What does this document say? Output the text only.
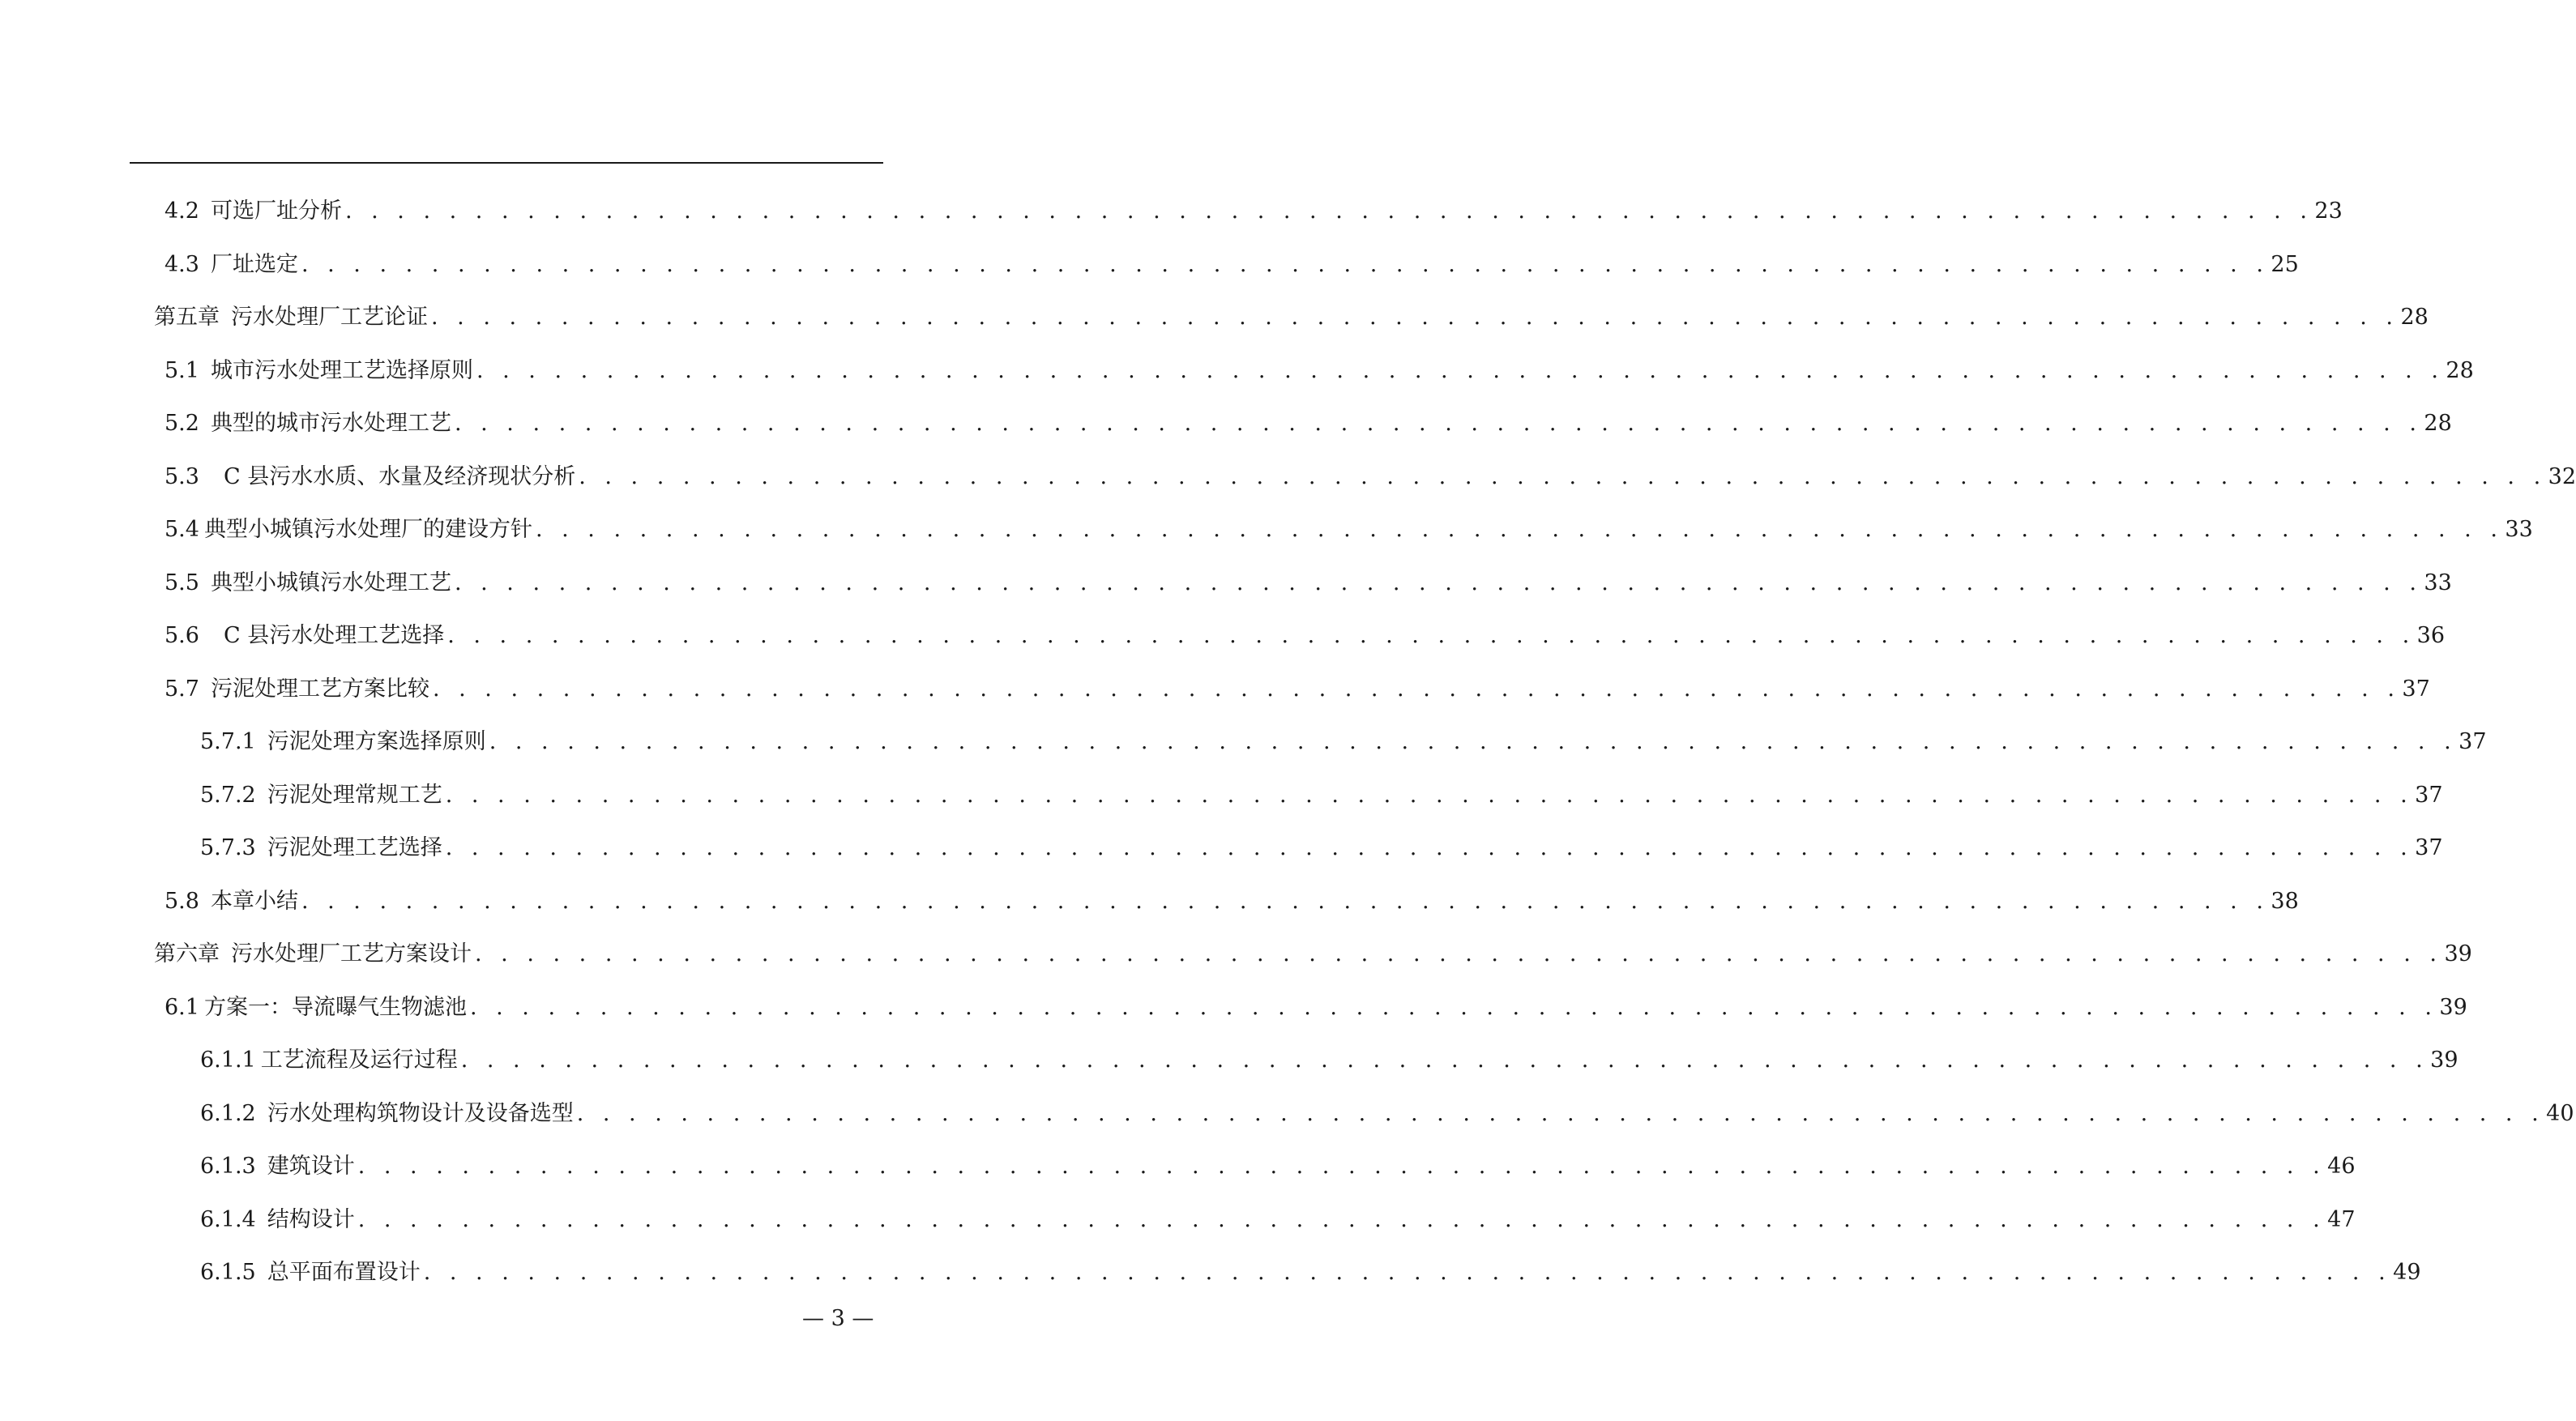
4.2 可选厂址分析 . . . . . . . . . . . . . . . . . . . . . . . . . . . . . . . . . . . . . . . . . . . . . . . . . . . . . . . . . . . . . . . . . . . . . . . . . . . . 23
4.3 厂址选定 . . . . . . . . . . . . . . . . . . . . . . . . . . . . . . . . . . . . . . . . . . . . . . . . . . . . . . . . . . . . . . . . . . . . . . . . . . . . 25
第五章 污水处理厂工艺论证 . . . . . . . . . . . . . . . . . . . . . . . . . . . . . . . . . . . . . . . . . . . . . . . . . . . . . . . . . . . . . . . . . . . . . . . . . . . . 28
5.1 城市污水处理工艺选择原则 . . . . . . . . . . . . . . . . . . . . . . . . . . . . . . . . . . . . . . . . . . . . . . . . . . . . . . . . . . . . . . . . . . . . . . . . . . . . 28
5.2 典型的城市污水处理工艺 . . . . . . . . . . . . . . . . . . . . . . . . . . . . . . . . . . . . . . . . . . . . . . . . . . . . . . . . . . . . . . . . . . . . . . . . . . . . 28
5.3 C 县污水水质、水量及经济现状分析 . . . . . . . . . . . . . . . . . . . . . . . . . . . . . . . . . . . . . . . . . . . . . . . . . . . . . . . . . . . . . . . . . . . . . . . . . . . . 32
5.4 典型小城镇污水处理厂的建设方针 . . . . . . . . . . . . . . . . . . . . . . . . . . . . . . . . . . . . . . . . . . . . . . . . . . . . . . . . . . . . . . . . . . . . . . . . . . . . 33
5.5 典型小城镇污水处理工艺 . . . . . . . . . . . . . . . . . . . . . . . . . . . . . . . . . . . . . . . . . . . . . . . . . . . . . . . . . . . . . . . . . . . . . . . . . . . . 33
5.6 C 县污水处理工艺选择 . . . . . . . . . . . . . . . . . . . . . . . . . . . . . . . . . . . . . . . . . . . . . . . . . . . . . . . . . . . . . . . . . . . . . . . . . . . . 36
5.7 污泥处理工艺方案比较 . . . . . . . . . . . . . . . . . . . . . . . . . . . . . . . . . . . . . . . . . . . . . . . . . . . . . . . . . . . . . . . . . . . . . . . . . . . . 37
5.7.1 污泥处理方案选择原则 . . . . . . . . . . . . . . . . . . . . . . . . . . . . . . . . . . . . . . . . . . . . . . . . . . . . . . . . . . . . . . . . . . . . . . . . . . . . 37
5.7.2 污泥处理常规工艺 . . . . . . . . . . . . . . . . . . . . . . . . . . . . . . . . . . . . . . . . . . . . . . . . . . . . . . . . . . . . . . . . . . . . . . . . . . . . 37
5.7.3 污泥处理工艺选择 . . . . . . . . . . . . . . . . . . . . . . . . . . . . . . . . . . . . . . . . . . . . . . . . . . . . . . . . . . . . . . . . . . . . . . . . . . . . 37
5.8 本章小结 . . . . . . . . . . . . . . . . . . . . . . . . . . . . . . . . . . . . . . . . . . . . . . . . . . . . . . . . . . . . . . . . . . . . . . . . . . . . 38
第六章 污水处理厂工艺方案设计 . . . . . . . . . . . . . . . . . . . . . . . . . . . . . . . . . . . . . . . . . . . . . . . . . . . . . . . . . . . . . . . . . . . . . . . . . . . . 39
6.1 方案一：导流曝气生物滤池 . . . . . . . . . . . . . . . . . . . . . . . . . . . . . . . . . . . . . . . . . . . . . . . . . . . . . . . . . . . . . . . . . . . . . . . . . . . . 39
6.1.1 工艺流程及运行过程 . . . . . . . . . . . . . . . . . . . . . . . . . . . . . . . . . . . . . . . . . . . . . . . . . . . . . . . . . . . . . . . . . . . . . . . . . . . . 39
6.1.2 污水处理构筑物设计及设备选型 . . . . . . . . . . . . . . . . . . . . . . . . . . . . . . . . . . . . . . . . . . . . . . . . . . . . . . . . . . . . . . . . . . . . . . . . . . . . 40
6.1.3 建筑设计 . . . . . . . . . . . . . . . . . . . . . . . . . . . . . . . . . . . . . . . . . . . . . . . . . . . . . . . . . . . . . . . . . . . . . . . . . . . . 46
6.1.4 结构设计 . . . . . . . . . . . . . . . . . . . . . . . . . . . . . . . . . . . . . . . . . . . . . . . . . . . . . . . . . . . . . . . . . . . . . . . . . . . . 47
6.1.5 总平面布置设计 . . . . . . . . . . . . . . . . . . . . . . . . . . . . . . . . . . . . . . . . . . . . . . . . . . . . . . . . . . . . . . . . . . . . . . . . . . . . 49
— 3 —
